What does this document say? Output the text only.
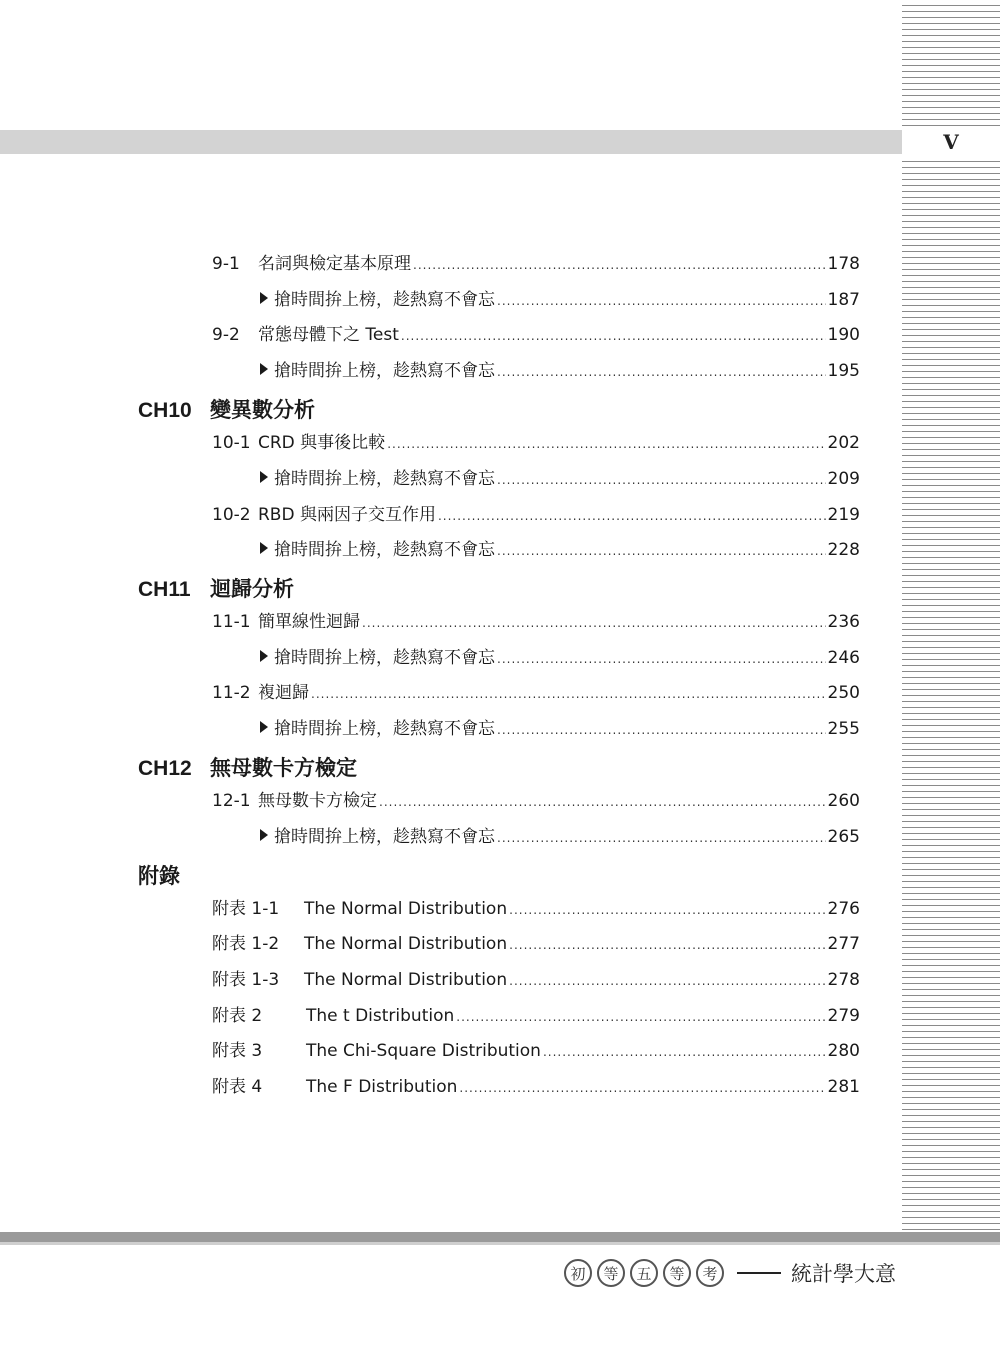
V
9-1 名詞與檢定基本原理 .....	178
搶時間拚上榜，趁熱寫不會忘 .....	187
9-2 常態母體下之 Test .....	190
搶時間拚上榜，趁熱寫不會忘 .....	195
CH10 變異數分析
10-1 CRD 與事後比較 .....	202
搶時間拚上榜，趁熱寫不會忘 .....	209
10-2 RBD 與兩因子交互作用 .....	219
搶時間拚上榜，趁熱寫不會忘 .....	228
CH11 迴歸分析
11-1 簡單線性迴歸 .....	236
搶時間拚上榜，趁熱寫不會忘 .....	246
11-2 複迴歸 .....	250
搶時間拚上榜，趁熱寫不會忘 .....	255
CH12 無母數卡方檢定
12-1 無母數卡方檢定 .....	260
搶時間拚上榜，趁熱寫不會忘 .....	265
附錄
附表 1-1 The Normal Distribution .....	276
附表 1-2 The Normal Distribution .....	277
附表 1-3 The Normal Distribution .....	278
附表 2	The t Distribution .....	279
附表 3	The Chi-Square Distribution .....	280
附表 4	The F Distribution .....	281
初	等	五	等	考	統計學大意
